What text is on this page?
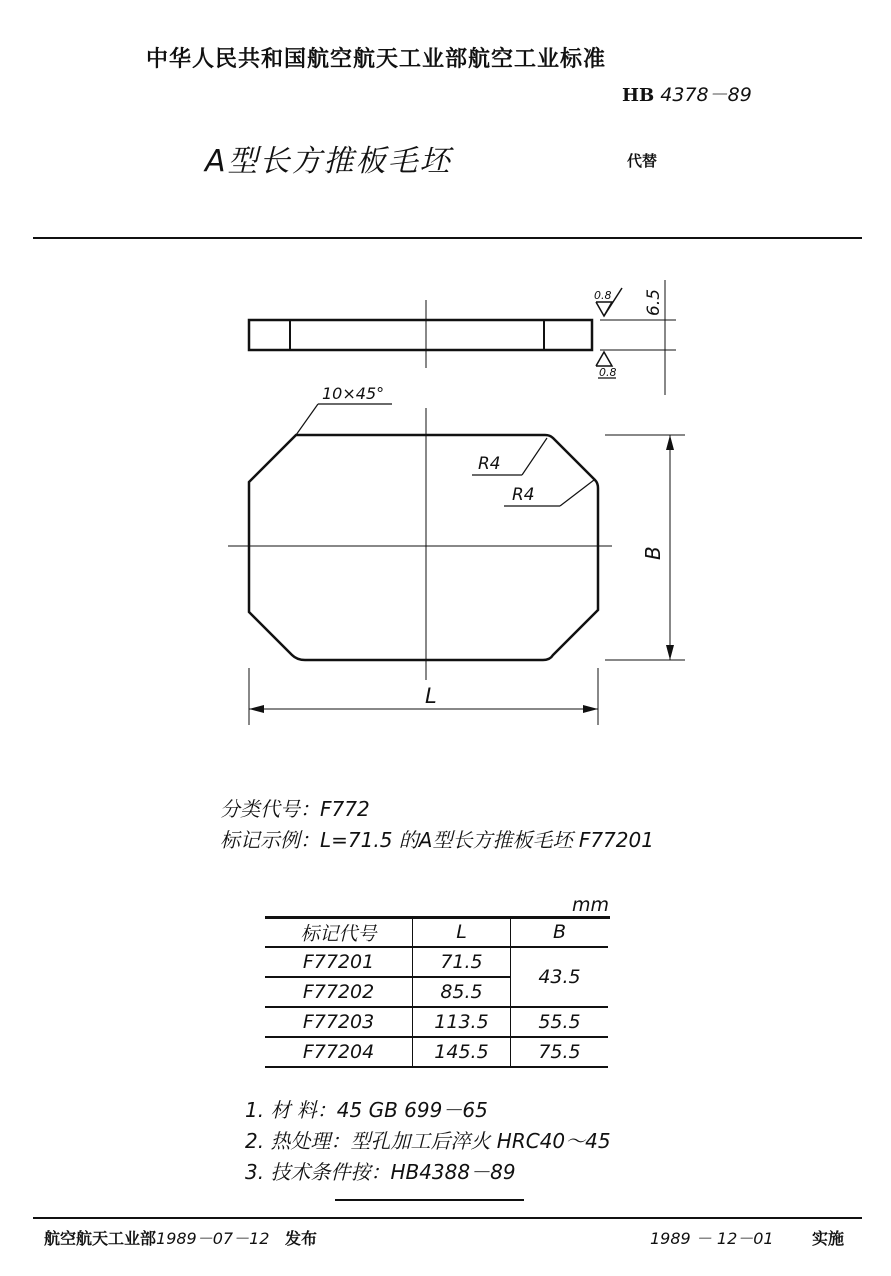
中华人民共和国航空航天工业部航空工业标准
HB 4378－89
A型长方推板毛坯	代替
0.8
0.8
6.5
10×45°
R4
R4
B
L
分类代号：F772
标记示例：L=71.5 的A型长方推板毛坯 F77201
mm
标记代号	L	B
F77201	71.5	43.5
F77202	85.5	
F77203	113.5	55.5
F77204	145.5	75.5
1. 材 料：45 GB 699－65
2. 热处理：型孔加工后淬火 HRC40～45
3. 技术条件按：HB4388－89
航空航天工业部1989－07－12 发布	1989 － 12－01 实施
